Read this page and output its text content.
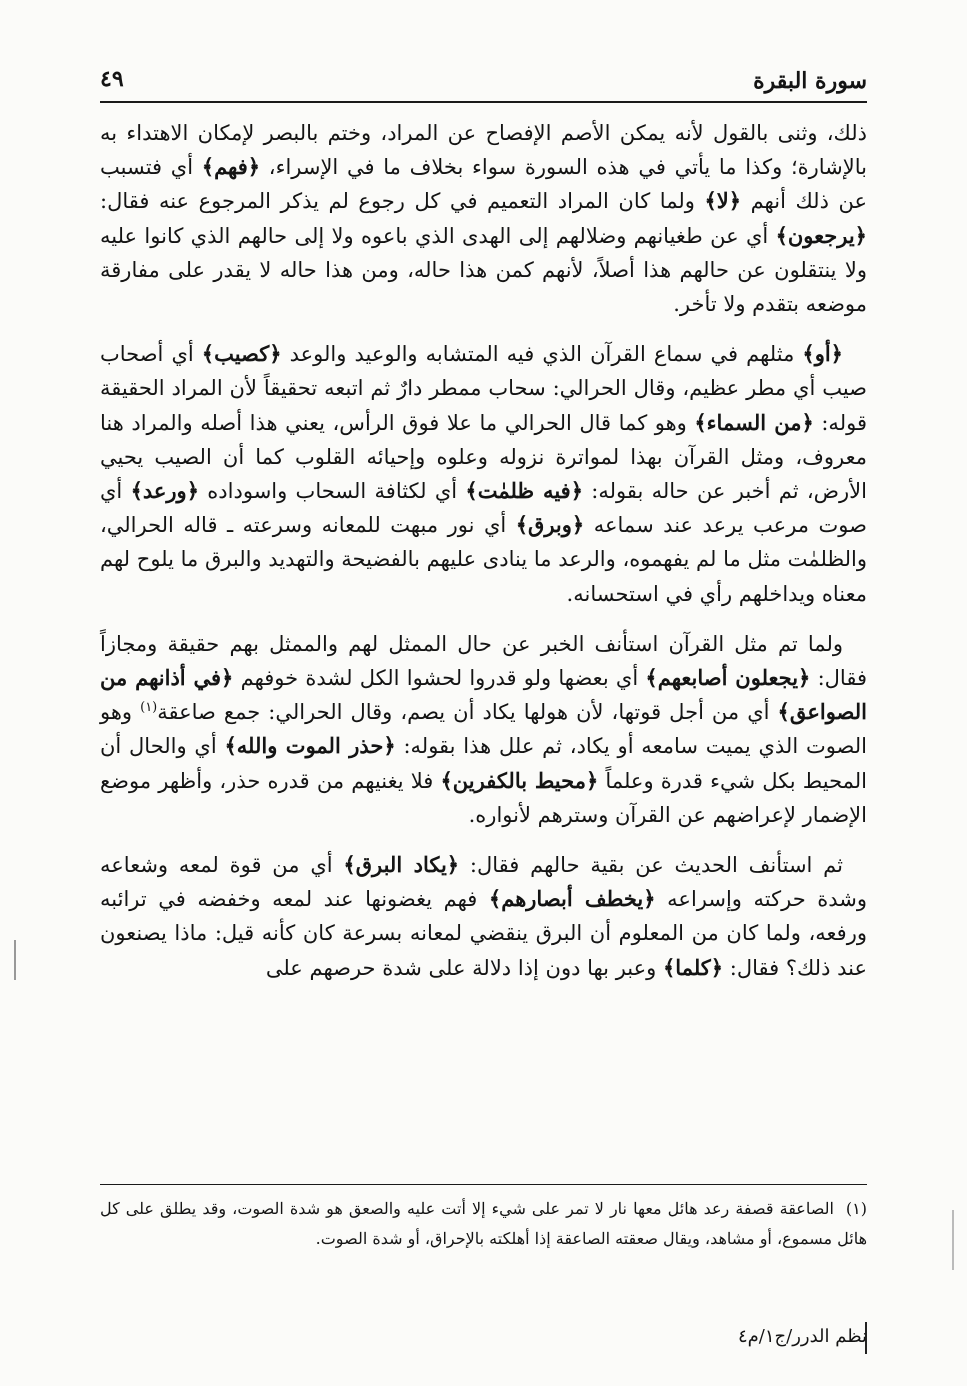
سورة البقرة
٤٩

ذلك، وثنى بالقول لأنه يمكن الأصم الإفصاح عن المراد، وختم بالبصر لإمكان الاهتداء به بالإشارة؛ وكذا ما يأتي في هذه السورة سواء بخلاف ما في الإسراء، ﴿فهم﴾ أي فتسبب عن ذلك أنهم ﴿لا﴾ ولما كان المراد التعميم في كل رجوع لم يذكر المرجوع عنه فقال: ﴿يرجعون﴾ أي عن طغيانهم وضلالهم إلى الهدى الذي باعوه ولا إلى حالهم الذي كانوا عليه ولا ينتقلون عن حالهم هذا أصلاً، لأنهم كمن هذا حاله، ومن هذا حاله لا يقدر على مفارقة موضعه بتقدم ولا تأخر.

﴿أو﴾ مثلهم في سماع القرآن الذي فيه المتشابه والوعيد والوعد ﴿كصيب﴾ أي أصحاب صيب أي مطر عظيم، وقال الحرالي: سحاب ممطر دارٌ ثم اتبعه تحقيقاً لأن المراد الحقيقة قوله: ﴿من السماء﴾ وهو كما قال الحرالي ما علا فوق الرأس، يعني هذا أصله والمراد هنا معروف، ومثل القرآن بهذا لمواترة نزوله وعلوه وإحيائه القلوب كما أن الصيب يحيي الأرض، ثم أخبر عن حاله بقوله: ﴿فيه ظلمٰت﴾ أي لكثافة السحاب واسوداده ﴿ورعد﴾ أي صوت مرعب يرعد عند سماعه ﴿وبرق﴾ أي نور مبهت للمعانه وسرعته ـ قاله الحرالي، والظلمٰت مثل ما لم يفهموه، والرعد ما ينادى عليهم بالفضيحة والتهديد والبرق ما يلوح لهم معناه ويداخلهم رأي في استحسانه.

ولما تم مثل القرآن استأنف الخبر عن حال الممثل لهم والممثل بهم حقيقة ومجازاً فقال: ﴿يجعلون أصابعهم﴾ أي بعضها ولو قدروا لحشوا الكل لشدة خوفهم ﴿في أذانهم من الصواعق﴾ أي من أجل قوتها، لأن هولها يكاد أن يصم، وقال الحرالي: جمع صاعقة$^{(١)}$ وهو الصوت الذي يميت سامعه أو يكاد، ثم علل هذا بقوله: ﴿حذر الموت والله﴾ أي والحال أن المحيط بكل شيء قدرة وعلماً ﴿محيط بالكفرين﴾ فلا يغنيهم من قدره حذر، وأظهر موضع الإضمار لإعراضهم عن القرآن وسترهم لأنواره.

ثم استأنف الحديث عن بقية حالهم فقال: ﴿يكاد البرق﴾ أي من قوة لمعه وشعاعه وشدة حركته وإسراعه ﴿يخطف أبصارهم﴾ فهم يغضونها عند لمعه وخفضه في ترائبه ورفعه، ولما كان من المعلوم أن البرق ينقضي لمعانه بسرعة كان كأنه قيل: ماذا يصنعون عند ذلك؟ فقال: ﴿كلما﴾ وعبر بها دون إذا دلالة على شدة حرصهم على

(١)الصاعقة قصفة رعد هائل معها نار لا تمر على شيء إلا أتت عليه والصعق هو شدة الصوت، وقد يطلق على كل هائل مسموع، أو مشاهد، ويقال صعقته الصاعقة إذا أهلكته بالإحراق، أو شدة الصوت.
نظم الدرر/ج١/م٤
